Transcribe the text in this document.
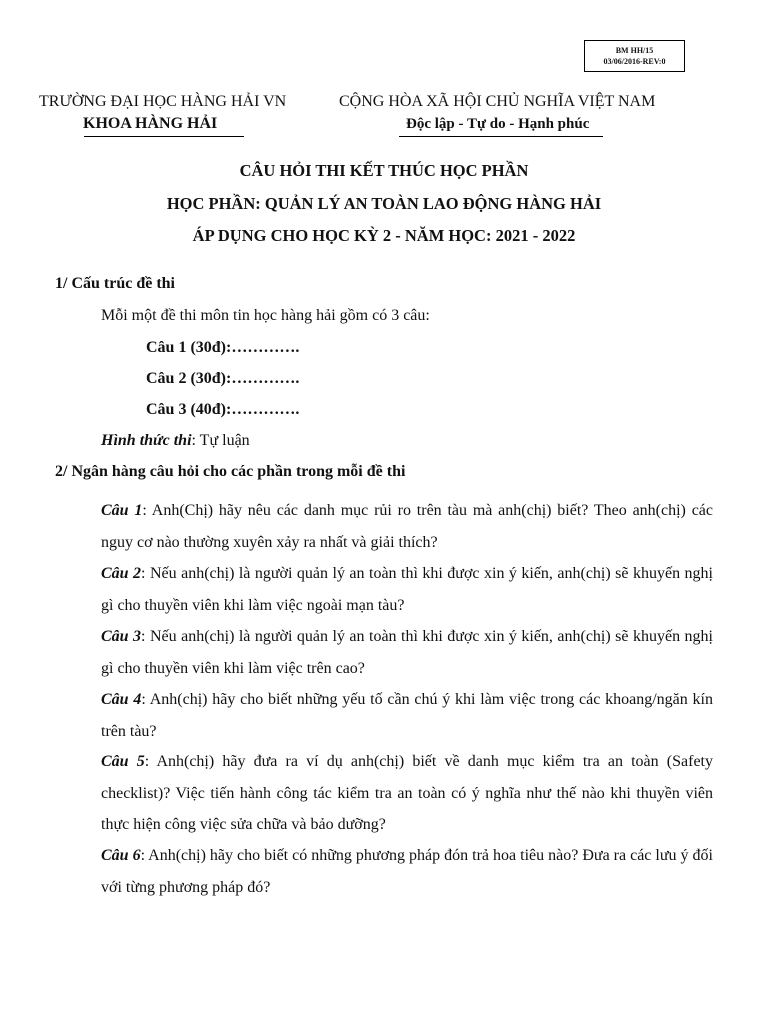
BM HH/15
03/06/2016-REV:0
TRƯỜNG ĐẠI HỌC HÀNG HẢI VN
KHOA HÀNG HẢI
CỘNG HÒA XÃ HỘI CHỦ NGHĨA VIỆT NAM
Độc lập - Tự do - Hạnh phúc
CÂU HỎI THI KẾT THÚC HỌC PHẦN
HỌC PHẦN: QUẢN LÝ AN TOÀN LAO ĐỘNG HÀNG HẢI
ÁP DỤNG CHO HỌC KỲ 2 - NĂM HỌC: 2021 - 2022
1/ Cấu trúc đề thi
Mỗi một đề thi môn tin học hàng hải gồm có 3 câu:
Câu 1 (30đ):………….
Câu 2 (30đ):………….
Câu 3 (40đ):………….
Hình thức thi: Tự luận
2/ Ngân hàng câu hỏi cho các phần trong mỗi đề thi
Câu 1: Anh(Chị) hãy nêu các danh mục rủi ro trên tàu mà anh(chị) biết? Theo anh(chị) các nguy cơ nào thường xuyên xảy ra nhất và giải thích?
Câu 2: Nếu anh(chị) là người quản lý an toàn thì khi được xin ý kiến, anh(chị) sẽ khuyến nghị gì cho thuyền viên khi làm việc ngoài mạn tàu?
Câu 3: Nếu anh(chị) là người quản lý an toàn thì khi được xin ý kiến, anh(chị) sẽ khuyến nghị gì cho thuyền viên khi làm việc trên cao?
Câu 4: Anh(chị) hãy cho biết những yếu tố cần chú ý khi làm việc trong các khoang/ngăn kín trên tàu?
Câu 5: Anh(chị) hãy đưa ra ví dụ anh(chị) biết về danh mục kiểm tra an toàn (Safety checklist)? Việc tiến hành công tác kiểm tra an toàn có ý nghĩa như thế nào khi thuyền viên thực hiện công việc sửa chữa và bảo dưỡng?
Câu 6: Anh(chị) hãy cho biết có những phương pháp đón trả hoa tiêu nào? Đưa ra các lưu ý đối với từng phương pháp đó?
